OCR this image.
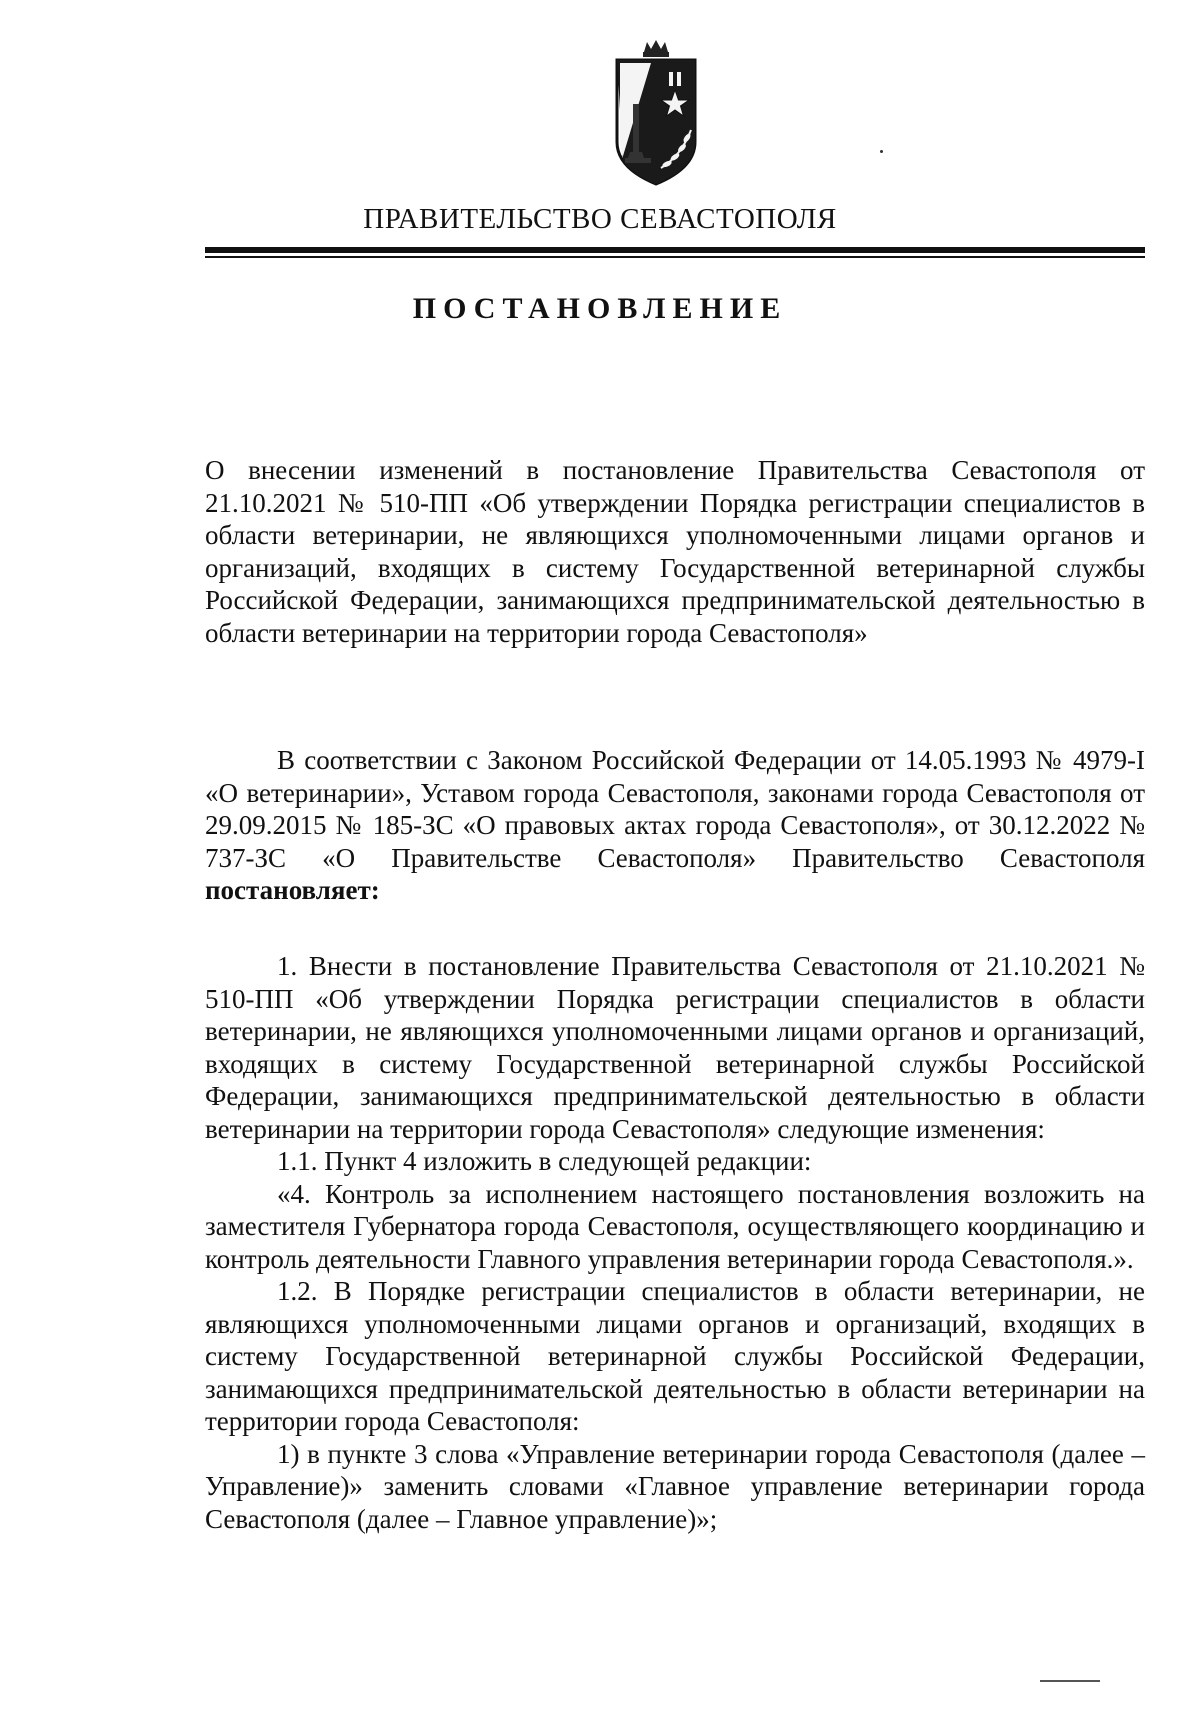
ПРАВИТЕЛЬСТВО СЕВАСТОПОЛЯ
ПОСТАНОВЛЕНИЕ

О внесении изменений в постановление Правительства Севастополя от 21.10.2021 № 510-ПП «Об утверждении Порядка регистрации специалистов в области ветеринарии, не являющихся уполномоченными лицами органов и организаций, входящих в систему Государственной ветеринарной службы Российской Федерации, занимающихся предпринимательской деятельностью в области ветеринарии на территории города Севастополя»

В соответствии с Законом Российской Федерации от 14.05.1993 № 4979-I «О ветеринарии», Уставом города Севастополя, законами города Севастополя от 29.09.2015 № 185-ЗС «О правовых актах города Севастополя», от 30.12.2022 № 737-ЗС «О Правительстве Севастополя» Правительство Севастополя постановляет:

1. Внести в постановление Правительства Севастополя от 21.10.2021 № 510-ПП «Об утверждении Порядка регистрации специалистов в области ветеринарии, не являющихся уполномоченными лицами органов и организаций, входящих в систему Государственной ветеринарной службы Российской Федерации, занимающихся предпринимательской деятельностью в области ветеринарии на территории города Севастополя» следующие изменения:

1.1. Пункт 4 изложить в следующей редакции:

«4. Контроль за исполнением настоящего постановления возложить на заместителя Губернатора города Севастополя, осуществляющего координацию и контроль деятельности Главного управления ветеринарии города Севастополя.».

1.2. В Порядке регистрации специалистов в области ветеринарии, не являющихся уполномоченными лицами органов и организаций, входящих в систему Государственной ветеринарной службы Российской Федерации, занимающихся предпринимательской деятельностью в области ветеринарии на территории города Севастополя:

1) в пункте 3 слова «Управление ветеринарии города Севастополя (далее – Управление)» заменить словами «Главное управление ветеринарии города Севастополя (далее – Главное управление)»;
